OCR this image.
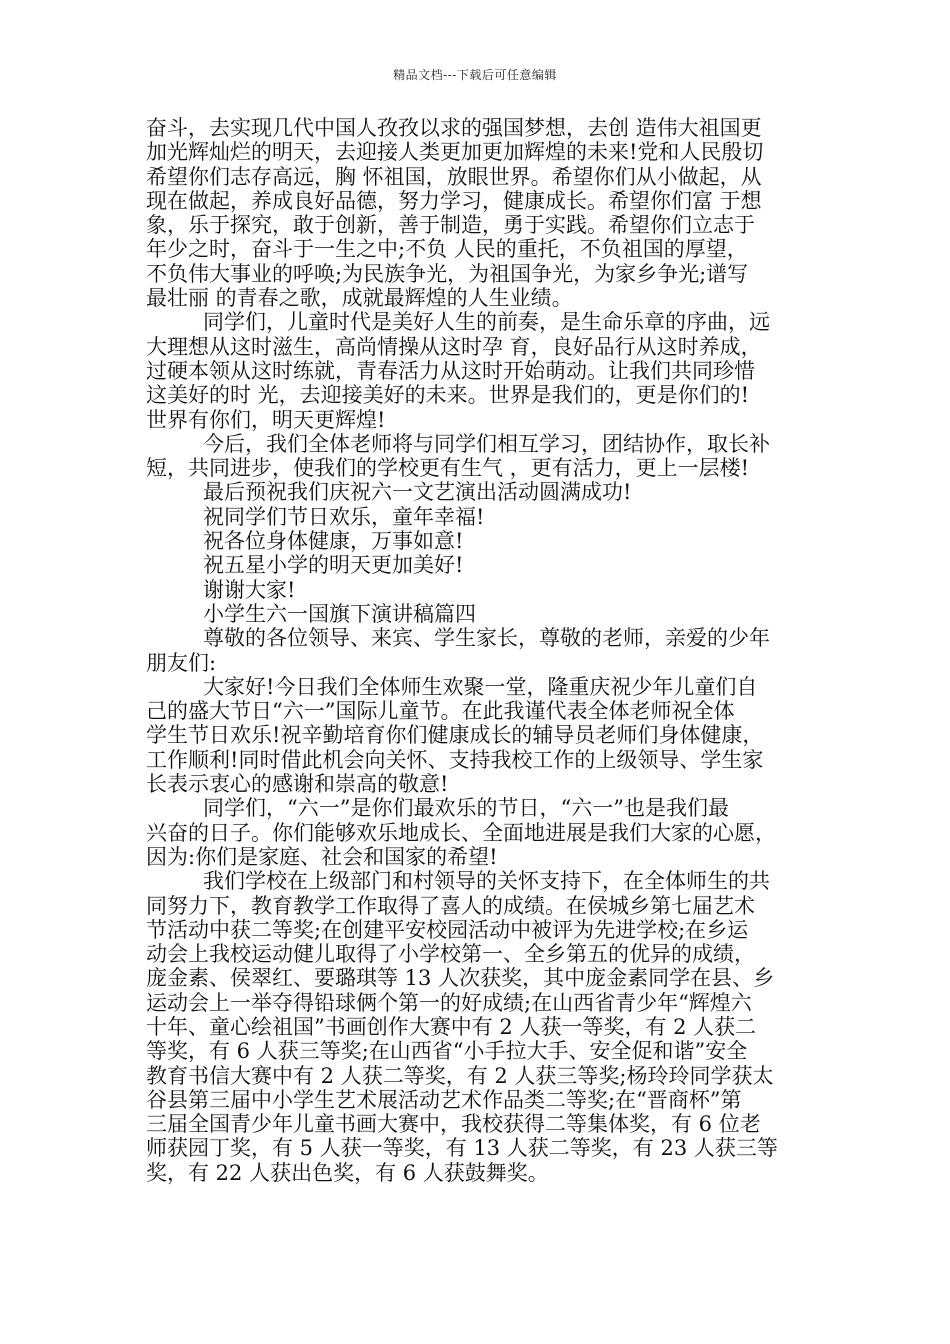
精品文档---下载后可任意编辑
奋斗，去实现几代中国人孜孜以求的强国梦想，去创 造伟大祖国更
加光辉灿烂的明天，去迎接人类更加更加辉煌的未来!党和人民殷切
希望你们志存高远，胸 怀祖国，放眼世界。希望你们从小做起，从
现在做起，养成良好品德，努力学习，健康成长。希望你们富 于想
象，乐于探究，敢于创新，善于制造，勇于实践。希望你们立志于
年少之时，奋斗于一生之中;不负 人民的重托，不负祖国的厚望，
不负伟大事业的呼唤;为民族争光，为祖国争光，为家乡争光;谱写
最壮丽 的青春之歌，成就最辉煌的人生业绩。
同学们，儿童时代是美好人生的前奏，是生命乐章的序曲，远
大理想从这时滋生，高尚情操从这时孕 育，良好品行从这时养成，
过硬本领从这时练就，青春活力从这时开始萌动。让我们共同珍惜
这美好的时 光，去迎接美好的未来。世界是我们的，更是你们的!
世界有你们，明天更辉煌!
今后，我们全体老师将与同学们相互学习，团结协作，取长补
短，共同进步，使我们的学校更有生气 ，更有活力，更上一层楼!
最后预祝我们庆祝六一文艺演出活动圆满成功!
祝同学们节日欢乐，童年幸福!
祝各位身体健康，万事如意!
祝五星小学的明天更加美好!
谢谢大家!
小学生六一国旗下演讲稿篇四
尊敬的各位领导、来宾、学生家长，尊敬的老师，亲爱的少年
朋友们:
大家好!今日我们全体师生欢聚一堂，隆重庆祝少年儿童们自
己的盛大节日“六一”国际儿童节。在此我谨代表全体老师祝全体
学生节日欢乐!祝辛勤培育你们健康成长的辅导员老师们身体健康，
工作顺利!同时借此机会向关怀、支持我校工作的上级领导、学生家
长表示衷心的感谢和崇高的敬意!
同学们，“六一”是你们最欢乐的节日，“六一”也是我们最
兴奋的日子。你们能够欢乐地成长、全面地进展是我们大家的心愿，
因为:你们是家庭、社会和国家的希望!
我们学校在上级部门和村领导的关怀支持下，在全体师生的共
同努力下，教育教学工作取得了喜人的成绩。在侯城乡第七届艺术
节活动中获二等奖;在创建平安校园活动中被评为先进学校;在乡运
动会上我校运动健儿取得了小学校第一、全乡第五的优异的成绩，
庞金素、侯翠红、要璐琪等 13 人次获奖，其中庞金素同学在县、乡
运动会上一举夺得铅球俩个第一的好成绩;在山西省青少年“辉煌六
十年、童心绘祖国”书画创作大赛中有 2 人获一等奖，有 2 人获二
等奖，有 6 人获三等奖;在山西省“小手拉大手、安全促和谐”安全
教育书信大赛中有 2 人获二等奖，有 2 人获三等奖;杨玲玲同学获太
谷县第三届中小学生艺术展活动艺术作品类二等奖;在“晋商杯”第
三届全国青少年儿童书画大赛中，我校获得二等集体奖，有 6 位老
师获园丁奖，有 5 人获一等奖，有 13 人获二等奖，有 23 人获三等
奖，有 22 人获出色奖，有 6 人获鼓舞奖。
